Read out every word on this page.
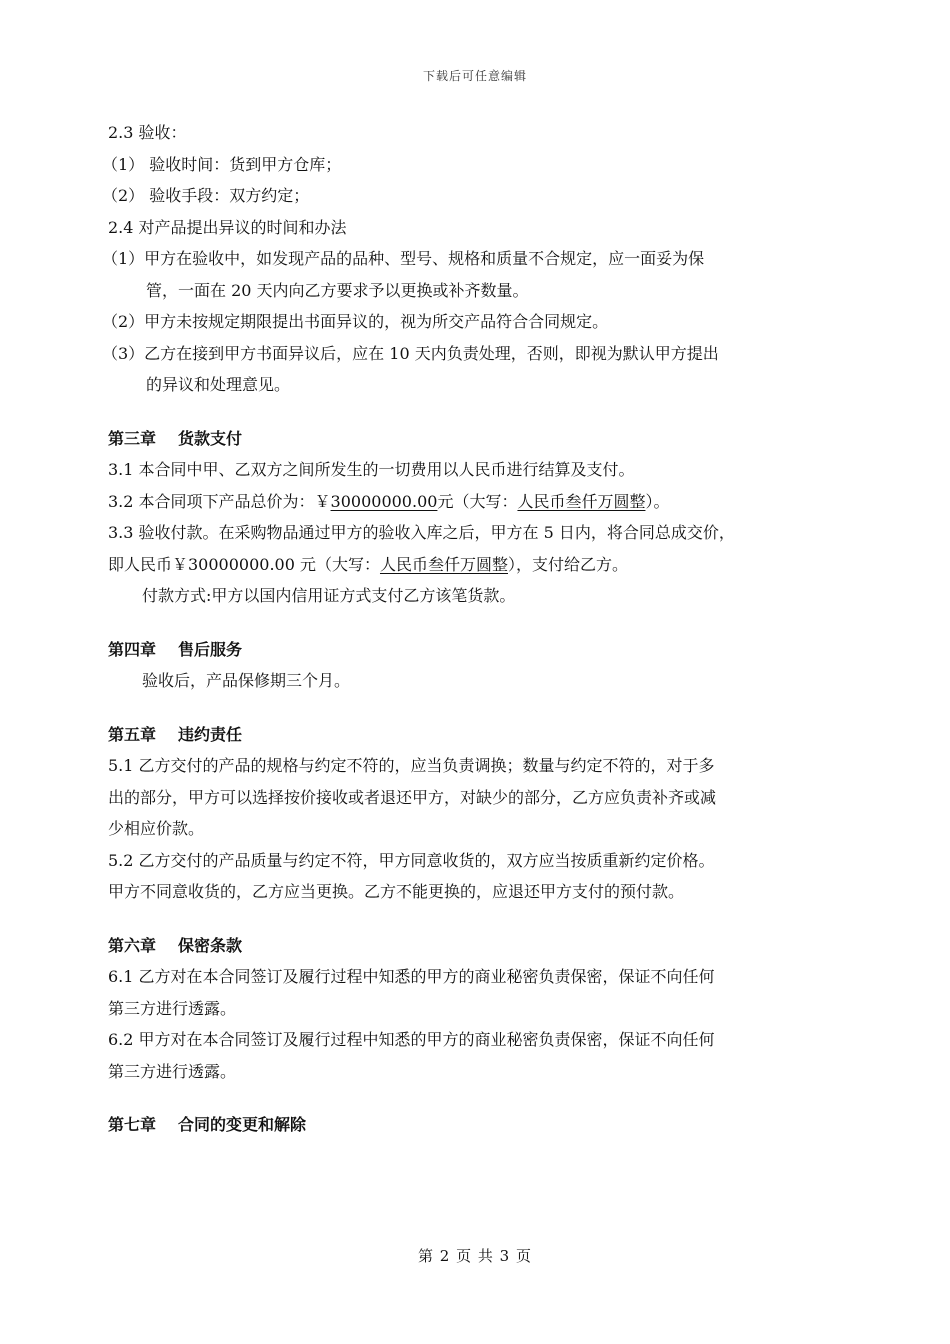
下载后可任意编辑
2.3 验收：
（1） 验收时间：货到甲方仓库；
（2） 验收手段：双方约定；
2.4 对产品提出异议的时间和办法
（1）甲方在验收中，如发现产品的品种、型号、规格和质量不合规定，应一面妥为保
管，一面在 20 天内向乙方要求予以更换或补齐数量。
（2）甲方未按规定期限提出书面异议的，视为所交产品符合合同规定。
（3）乙方在接到甲方书面异议后，应在 10 天内负责处理，否则，即视为默认甲方提出
的异议和处理意见。
第三章 货款支付
3.1 本合同中甲、乙双方之间所发生的一切费用以人民币进行结算及支付。
3.2 本合同项下产品总价为：￥30000000.00元（大写：人民币叁仟万圆整）。
3.3 验收付款。在采购物品通过甲方的验收入库之后，甲方在 5 日内，将合同总成交价，
即人民币￥30000000.00 元（大写：人民币叁仟万圆整），支付给乙方。
付款方式:甲方以国内信用证方式支付乙方该笔货款。
第四章 售后服务
验收后，产品保修期三个月。
第五章 违约责任
5.1 乙方交付的产品的规格与约定不符的，应当负责调换；数量与约定不符的，对于多
出的部分，甲方可以选择按价接收或者退还甲方，对缺少的部分，乙方应负责补齐或减
少相应价款。
5.2 乙方交付的产品质量与约定不符，甲方同意收货的，双方应当按质重新约定价格。
甲方不同意收货的，乙方应当更换。乙方不能更换的，应退还甲方支付的预付款。
第六章 保密条款
6.1 乙方对在本合同签订及履行过程中知悉的甲方的商业秘密负责保密，保证不向任何
第三方进行透露。
6.2 甲方对在本合同签订及履行过程中知悉的甲方的商业秘密负责保密，保证不向任何
第三方进行透露。
第七章 合同的变更和解除
第 2 页 共 3 页
